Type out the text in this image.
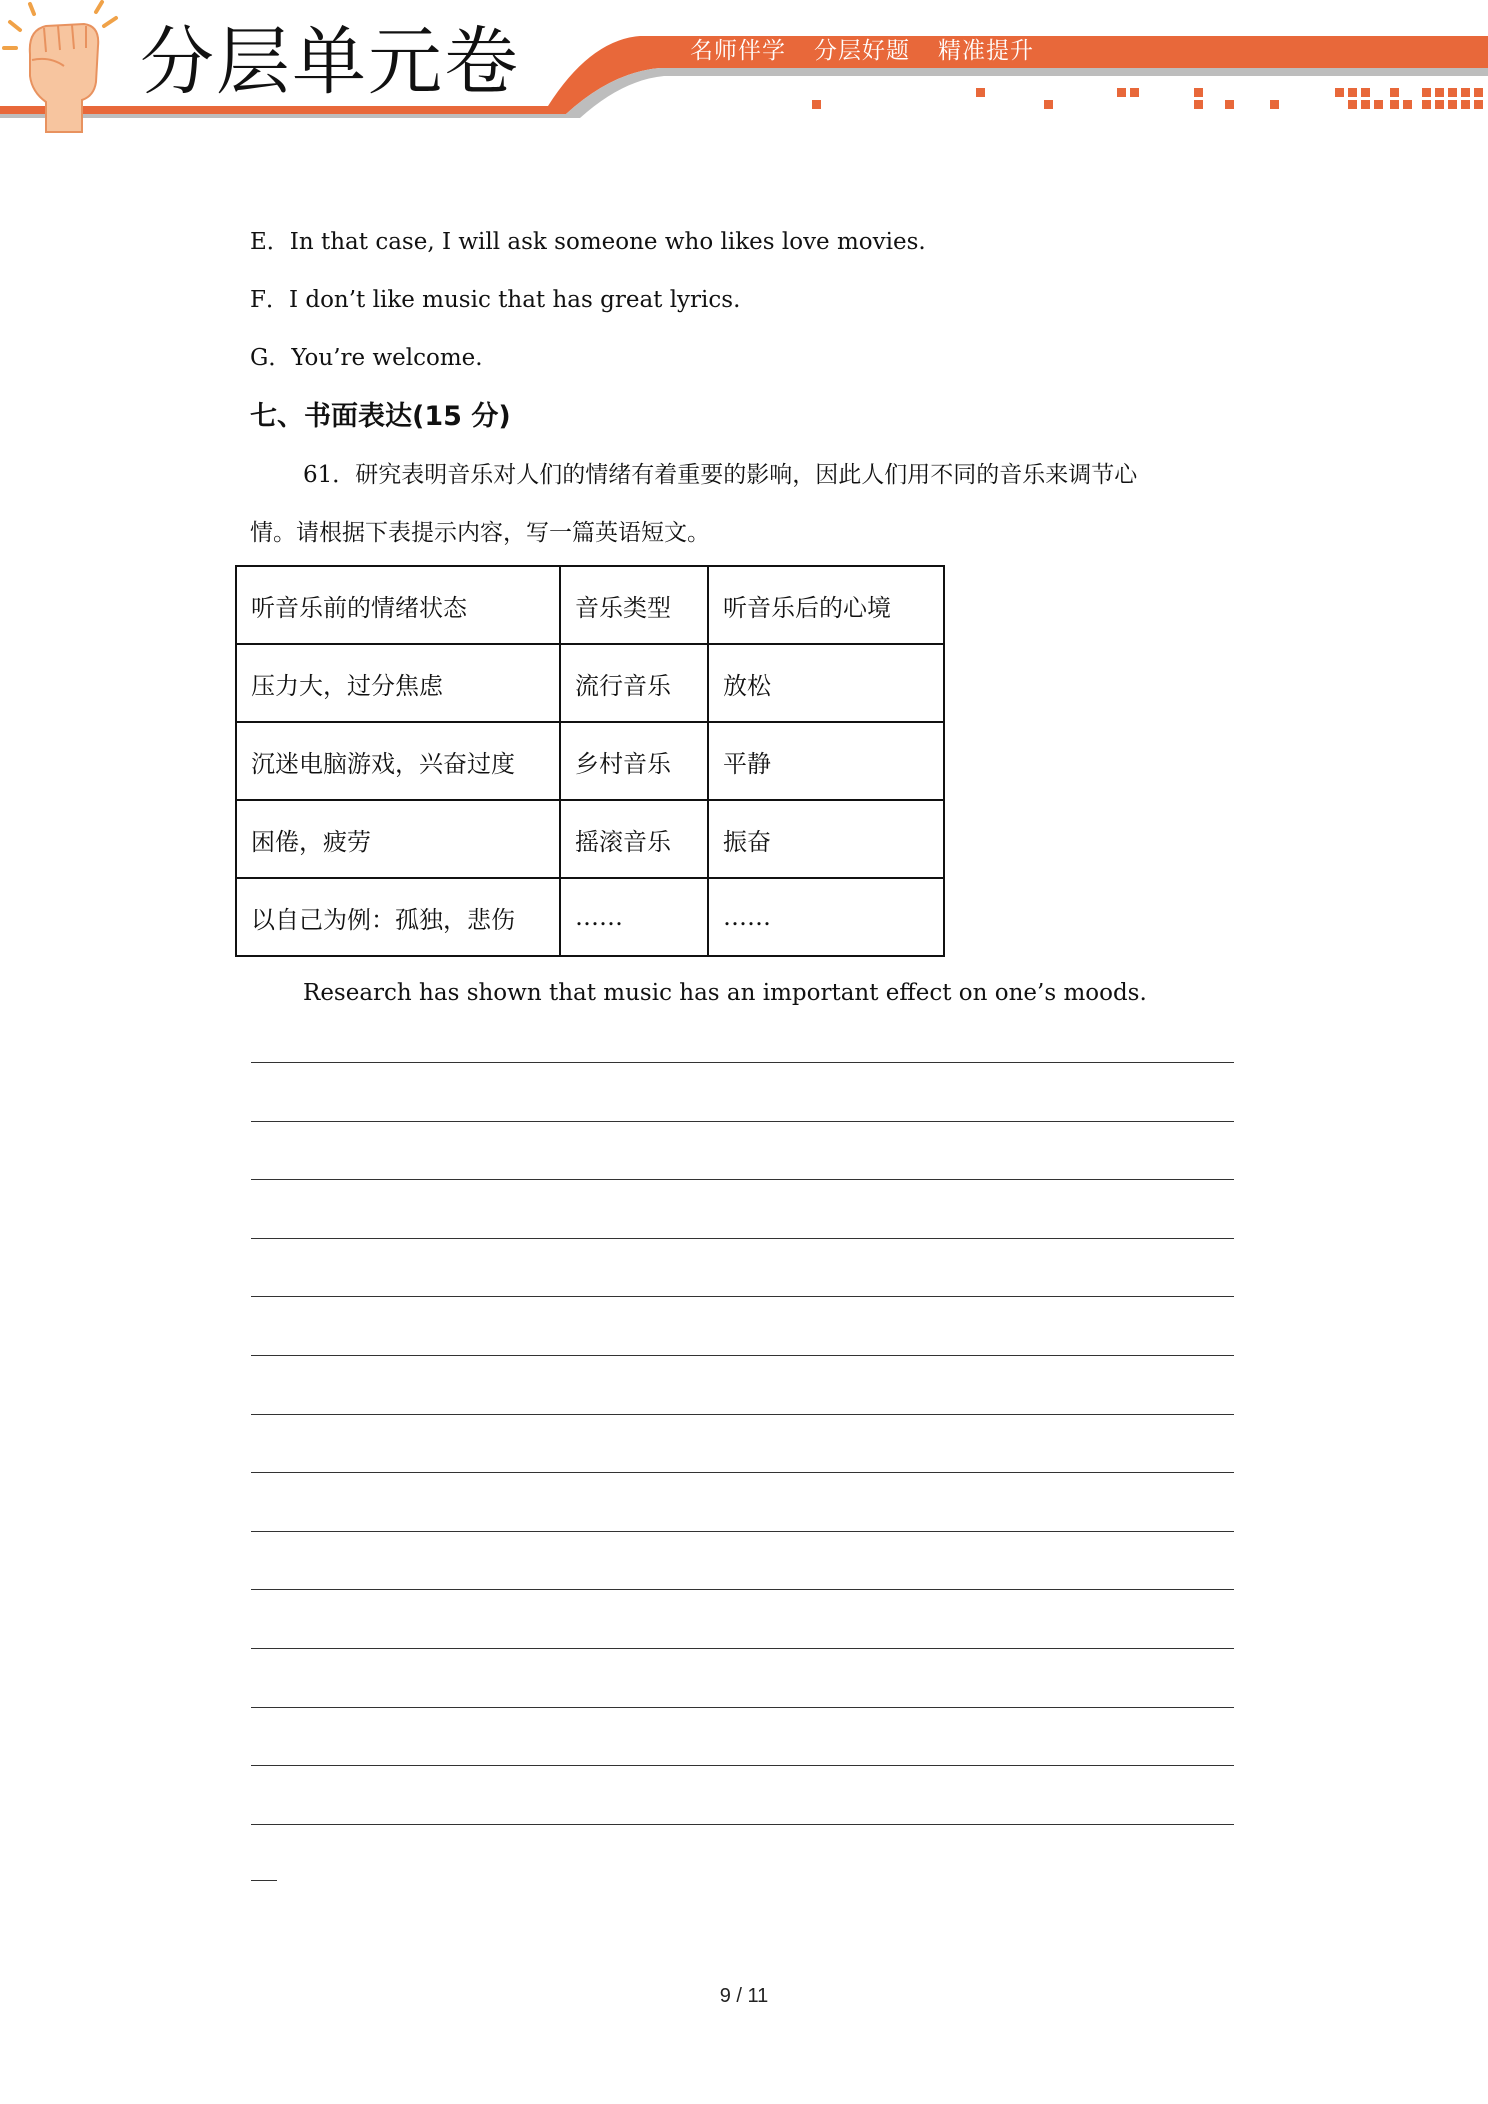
分层单元卷	名师伴学 分层好题 精准提升
E．In that case, I will ask someone who likes love movies.
F．I don’t like music that has great lyrics.
G．You’re welcome.
七、书面表达(15 分)
61．研究表明音乐对人们的情绪有着重要的影响，因此人们用不同的音乐来调节心
情。请根据下表提示内容，写一篇英语短文。
听音乐前的情绪状态	音乐类型	听音乐后的心境
压力大，过分焦虑	流行音乐	放松
沉迷电脑游戏，兴奋过度	乡村音乐	平静
困倦，疲劳	摇滚音乐	振奋
以自己为例：孤独，悲伤	……	……
Research has shown that music has an important effect on one’s moods.
9 / 11
